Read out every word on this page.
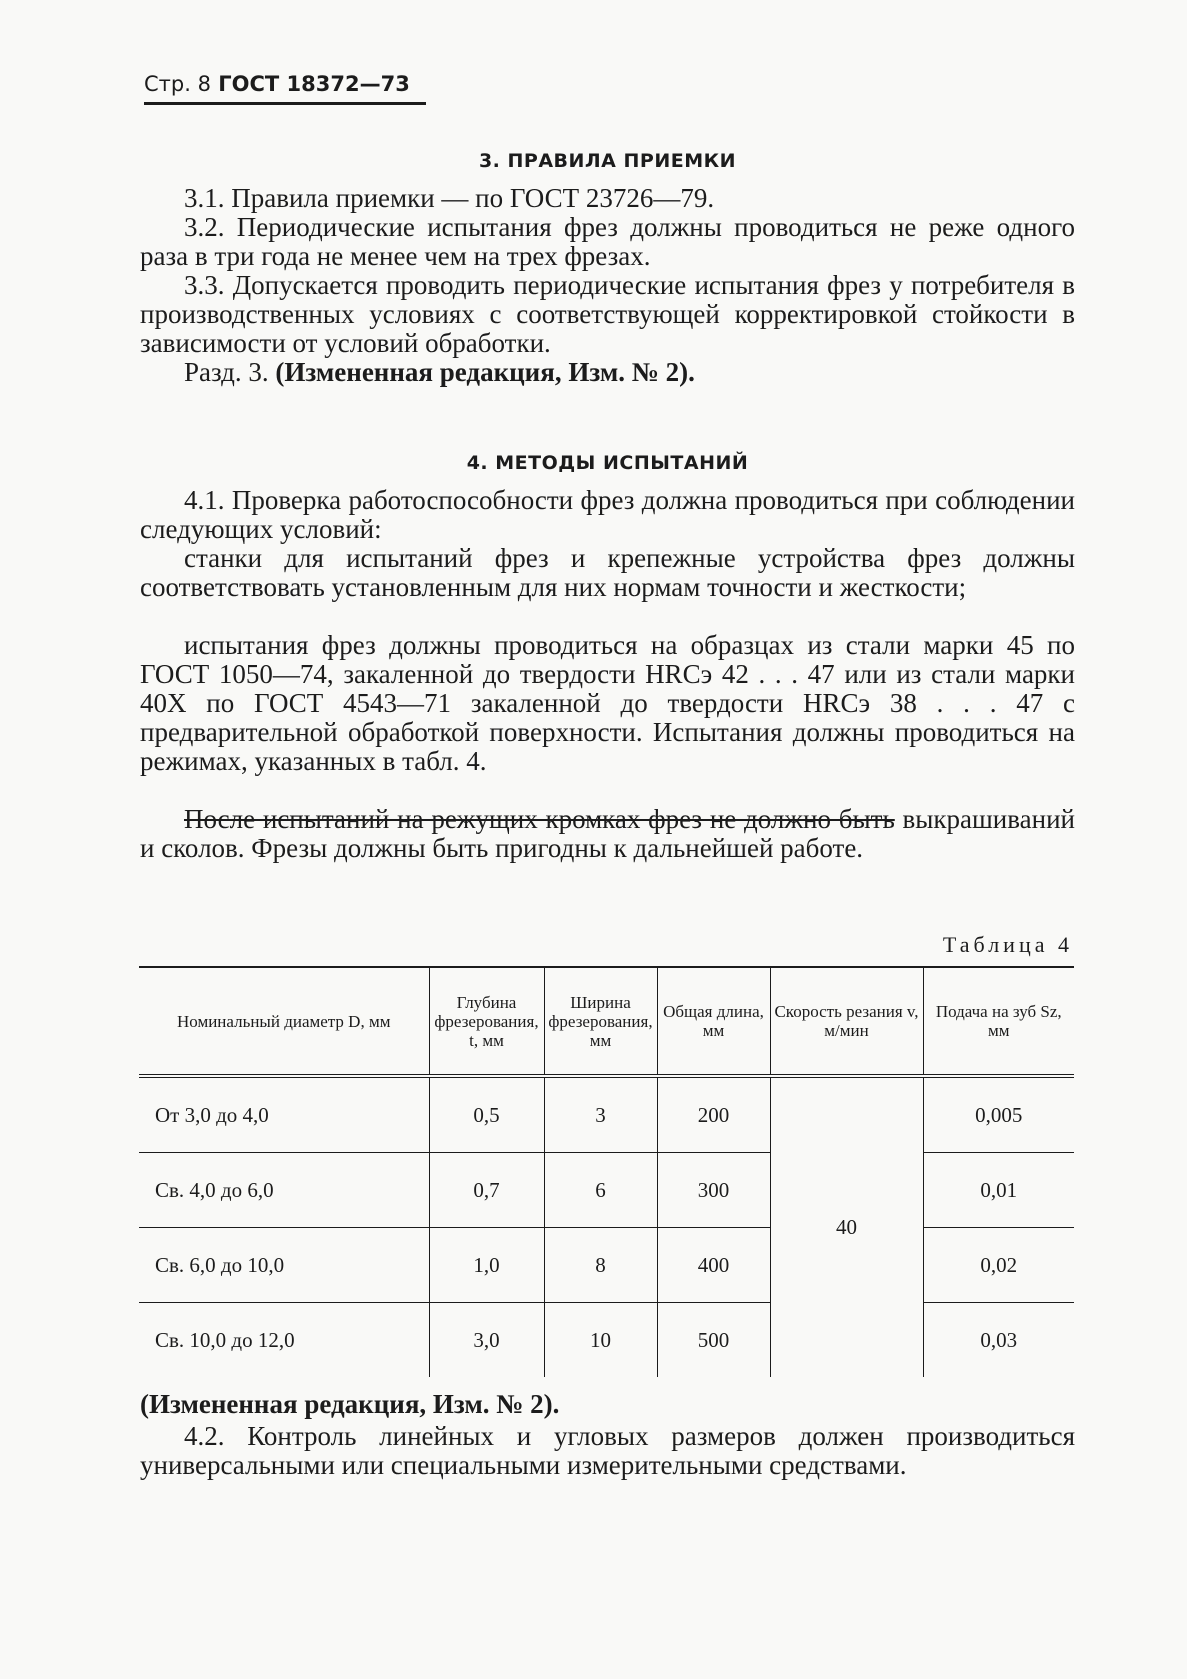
Стр. 8 ГОСТ 18372—73
3. ПРАВИЛА ПРИЕМКИ
3.1. Правила приемки — по ГОСТ 23726—79.
3.2. Периодические испытания фрез должны проводиться не реже одного раза в три года не менее чем на трех фрезах.
3.3. Допускается проводить периодические испытания фрез у потребителя в производственных условиях с соответствующей корректировкой стойкости в зависимости от условий обработки.
Разд. 3. (Измененная редакция, Изм. № 2).
4. МЕТОДЫ ИСПЫТАНИЙ
4.1. Проверка работоспособности фрез должна проводиться при соблюдении следующих условий:
станки для испытаний фрез и крепежные устройства фрез должны соответствовать установленным для них нормам точности и жесткости;
испытания фрез должны проводиться на образцах из стали марки 45 по ГОСТ 1050—74, закаленной до твердости HRCэ 42 . . . 47 или из стали марки 40Х по ГОСТ 4543—71 закаленной до твердости HRCэ 38 . . . 47 с предварительной обработкой поверхности. Испытания должны проводиться на режимах, указанных в табл. 4.
После испытаний на режущих кромках фрез не должно быть выкрашиваний и сколов. Фрезы должны быть пригодны к дальнейшей работе.
Таблица 4
Номинальный диаметр D, мм	Глубина фрезерования, t, мм	Ширина фрезерования, мм	Общая длина, мм	Скорость резания v, м/мин	Подача на зуб Sz, мм
От 3,0 до 4,0	0,5	3	200	40	0,005
Св. 4,0 до 6,0	0,7	6	300		0,01
Св. 6,0 до 10,0	1,0	8	400		0,02
Св. 10,0 до 12,0	3,0	10	500		0,03
(Измененная редакция, Изм. № 2).
4.2. Контроль линейных и угловых размеров должен производиться универсальными или специальными измерительными средствами.
